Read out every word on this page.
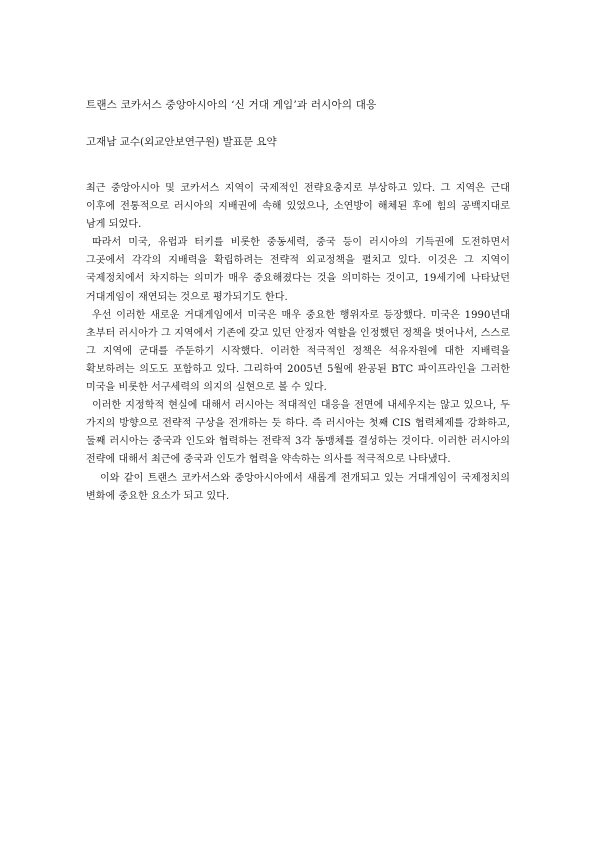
트랜스 코카서스 중앙아시아의 ‘신 거대 게임’과 러시아의 대응
고재남 교수(외교안보연구원) 발표문 요약

최근 중앙아시아 및 코카서스 지역이 국제적인 전략요충지로 부상하고 있다. 그 지역은 근대 이후에 전통적으로 러시아의 지배권에 속해 있었으나, 소연방이 해체된 후에 힘의 공백지대로 남게 되었다.

따라서 미국, 유럽과 터키를 비롯한 중동세력, 중국 등이 러시아의 기득권에 도전하면서 그곳에서 각각의 지배력을 확립하려는 전략적 외교정책을 펼치고 있다. 이것은 그 지역이 국제정치에서 차지하는 의미가 매우 중요해졌다는 것을 의미하는 것이고, 19세기에 나타났던 거대게임이 재연되는 것으로 평가되기도 한다.

우선 이러한 새로운 거대게임에서 미국은 매우 중요한 행위자로 등장했다. 미국은 1990년대 초부터 러시아가 그 지역에서 기존에 갖고 있던 안정자 역할을 인정했던 정책을 벗어나서, 스스로 그 지역에 군대를 주둔하기 시작했다. 이러한 적극적인 정책은 석유자원에 대한 지배력을 확보하려는 의도도 포함하고 있다. 그리하여 2005년 5월에 완공된 BTC 파이프라인을 그러한 미국을 비롯한 서구세력의 의지의 실현으로 볼 수 있다.

이러한 지정학적 현실에 대해서 러시아는 적대적인 대응을 전면에 내세우지는 않고 있으나, 두 가지의 방향으로 전략적 구상을 전개하는 듯 하다. 즉 러시아는 첫째 CIS 협력체제를 강화하고, 둘째 러시아는 중국과 인도와 협력하는 전략적 3각 동맹체를 결성하는 것이다. 이러한 러시아의 전략에 대해서 최근에 중국과 인도가 협력을 약속하는 의사를 적극적으로 나타냈다.

이와 같이 트랜스 코카서스와 중앙아시아에서 새롭게 전개되고 있는 거대게임이 국제정치의 변화에 중요한 요소가 되고 있다.
